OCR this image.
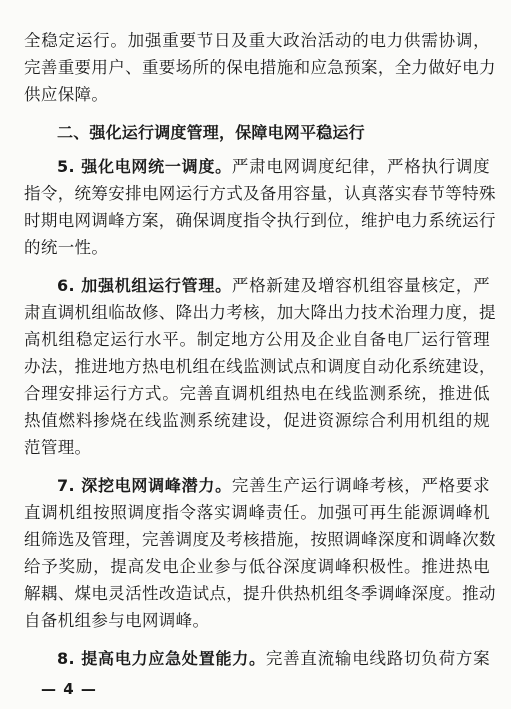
全稳定运行。加强重要节日及重大政治活动的电力供需协调，
完善重要用户、重要场所的保电措施和应急预案，全力做好电力
供应保障。
二、强化运行调度管理，保障电网平稳运行
5. 强化电网统一调度。严肃电网调度纪律，严格执行调度
指令，统筹安排电网运行方式及备用容量，认真落实春节等特殊
时期电网调峰方案，确保调度指令执行到位，维护电力系统运行
的统一性。
6. 加强机组运行管理。严格新建及增容机组容量核定，严
肃直调机组临故修、降出力考核，加大降出力技术治理力度，提
高机组稳定运行水平。制定地方公用及企业自备电厂运行管理
办法，推进地方热电机组在线监测试点和调度自动化系统建设，
合理安排运行方式。完善直调机组热电在线监测系统，推进低
热值燃料掺烧在线监测系统建设，促进资源综合利用机组的规
范管理。
7. 深挖电网调峰潜力。完善生产运行调峰考核，严格要求
直调机组按照调度指令落实调峰责任。加强可再生能源调峰机
组筛选及管理，完善调度及考核措施，按照调峰深度和调峰次数
给予奖励，提高发电企业参与低谷深度调峰积极性。推进热电
解耦、煤电灵活性改造试点，提升供热机组冬季调峰深度。推动
自备机组参与电网调峰。
8. 提高电力应急处置能力。完善直流输电线路切负荷方案
— 4 —
